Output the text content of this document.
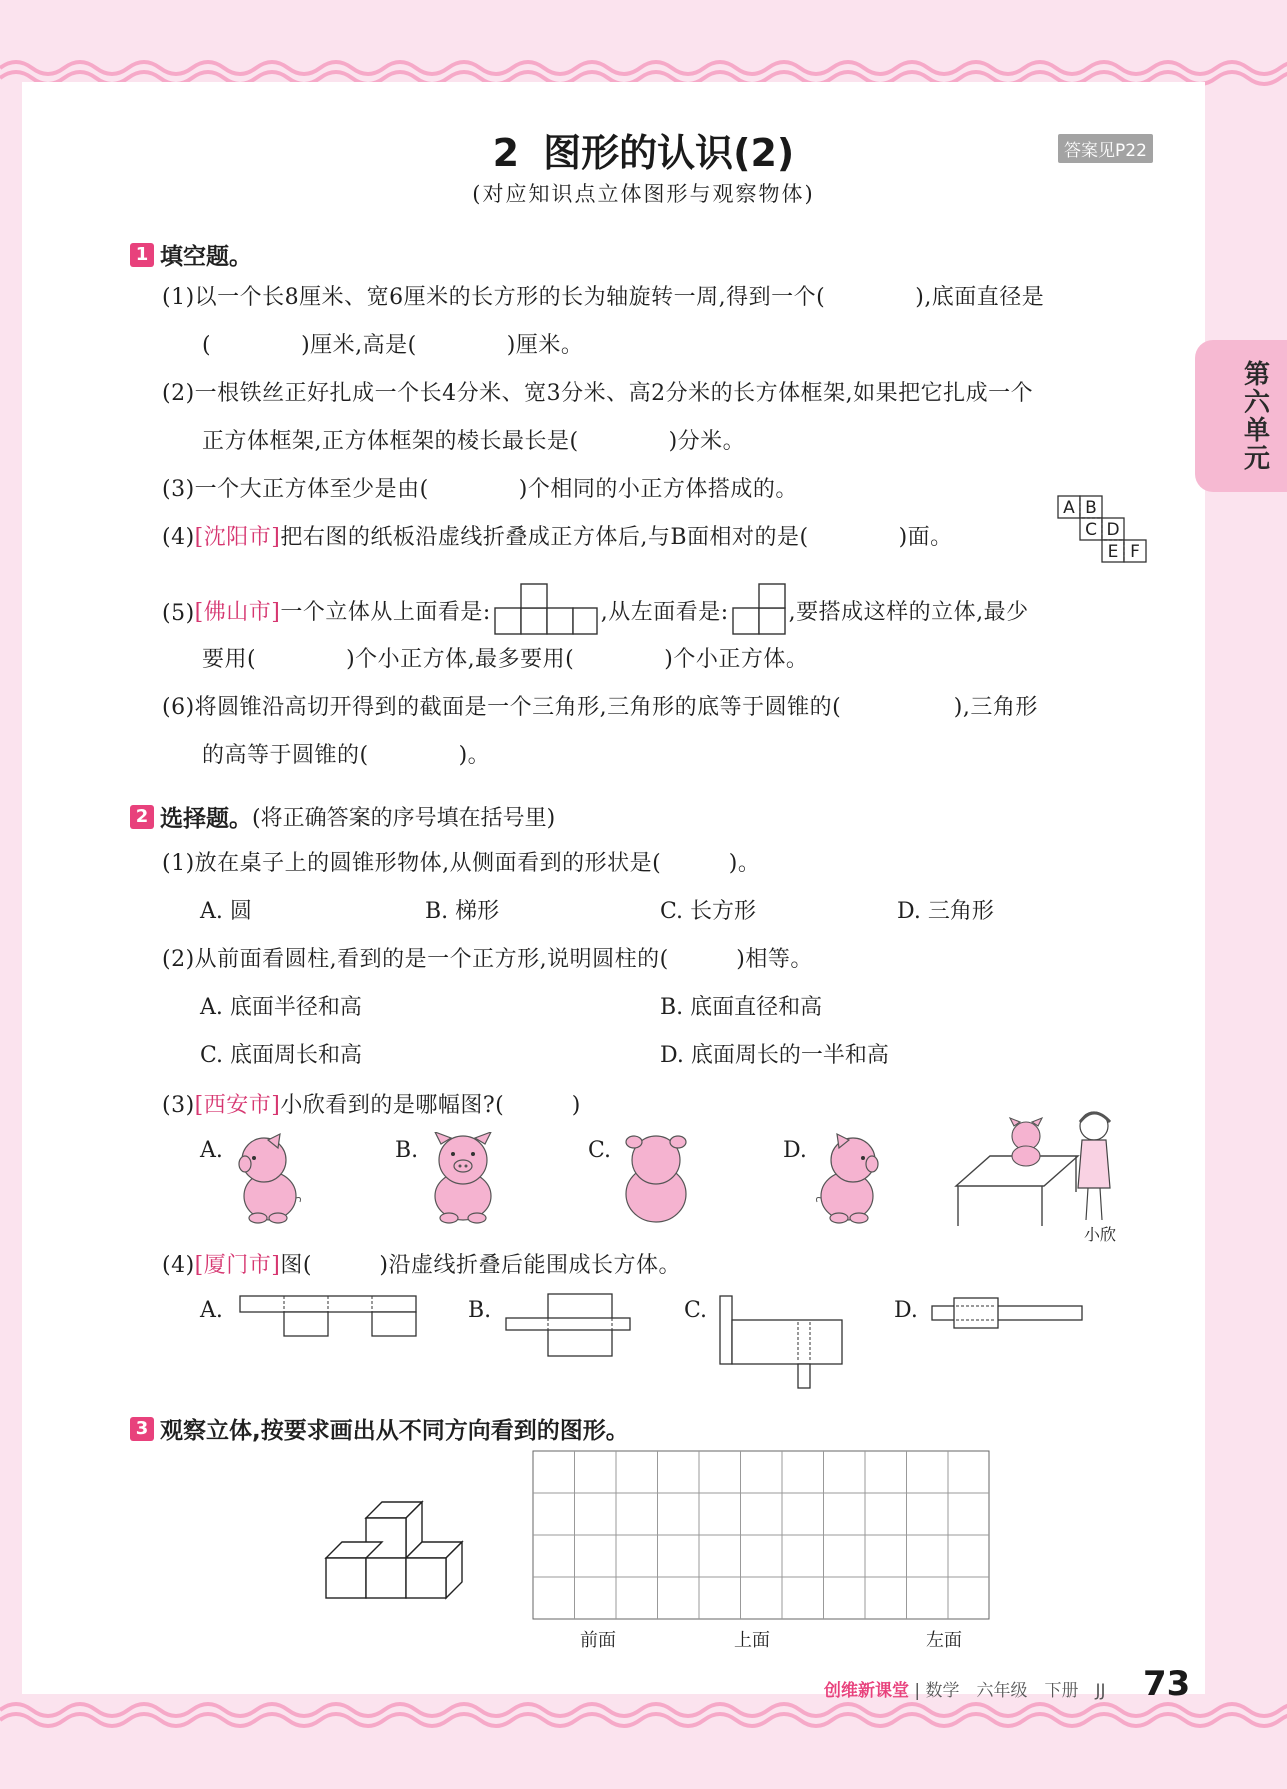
第六单元
2 图形的认识(2)	答案见P22
(对应知识点立体图形与观察物体)
1 填空题。
(1)以一个长8厘米、宽6厘米的长方形的长为轴旋转一周,得到一个(　　　　),底面直径是
(　　　　)厘米,高是(　　　　)厘米。
(2)一根铁丝正好扎成一个长4分米、宽3分米、高2分米的长方体框架,如果把它扎成一个
正方体框架,正方体框架的棱长最长是(　　　　)分米。
(3)一个大正方体至少是由(　　　　)个相同的小正方体搭成的。
(4)[沈阳市]把右图的纸板沿虚线折叠成正方体后,与B面相对的是(　　　　)面。
A B
C D
E F
(5) [佛山市] 一个立体从上面看是:	,从左面看是:	,要搭成这样的立体,最少
要用(　　　　)个小正方体,最多要用(　　　　)个小正方体。
(6)将圆锥沿高切开得到的截面是一个三角形,三角形的底等于圆锥的(　　　　　),三角形
的高等于圆锥的(　　　　)。
2 选择题。 (将正确答案的序号填在括号里)
(1)放在桌子上的圆锥形物体,从侧面看到的形状是(　　　)。
A. 圆	B. 梯形	C. 长方形	D. 三角形
(2)从前面看圆柱,看到的是一个正方形,说明圆柱的(　　　)相等。
A. 底面半径和高	B. 底面直径和高
C. 底面周长和高	D. 底面周长的一半和高
(3)[西安市]小欣看到的是哪幅图?(　　　)
A.	B.	C.	D.
小欣
(4)[厦门市]图(　　　)沿虚线折叠后能围成长方体。
A.	B.	C.	D.
3 观察立体,按要求画出从不同方向看到的图形。
前面	上面	左面
创维新课堂 | 数学　六年级　下册　JJ 73
